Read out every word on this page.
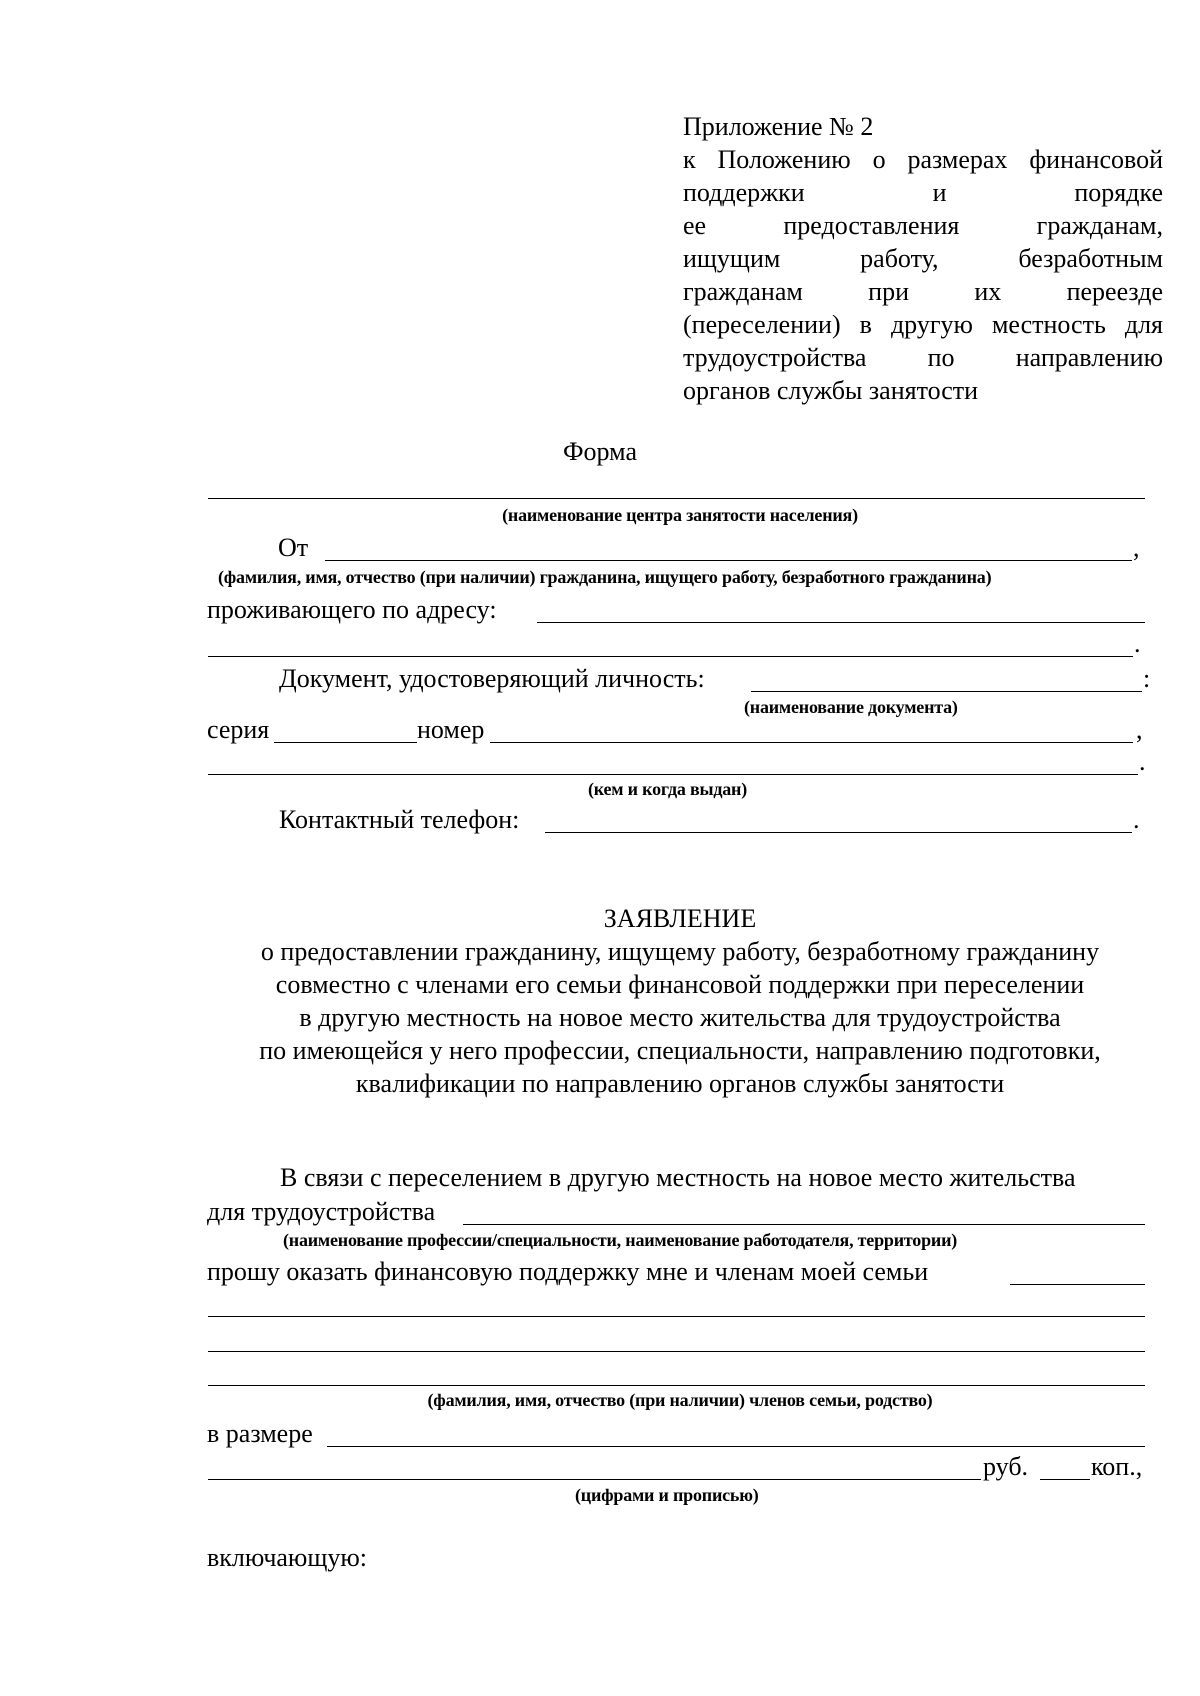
Приложение № 2
к Положению о размерах финансовой
поддержки и порядке
ее предоставления гражданам,
ищущим работу, безработным
гражданам при их переезде
(переселении) в другую местность для
трудоустройства по направлению
органов службы занятости
Форма
(наименование центра занятости населения)
От	,
(фамилия, имя, отчество (при наличии) гражданина, ищущего работу, безработного гражданина)
проживающего по адресу:
.
Документ, удостоверяющий личность:	:
(наименование документа)
серия	номер	,
.
(кем и когда выдан)
Контактный телефон:	.
ЗАЯВЛЕНИЕ
о предоставлении гражданину, ищущему работу, безработному гражданину
совместно с членами его семьи финансовой поддержки при переселении
в другую местность на новое место жительства для трудоустройства
по имеющейся у него профессии, специальности, направлению подготовки,
квалификации по направлению органов службы занятости
В связи с переселением в другую местность на новое место жительства
для трудоустройства
(наименование профессии/специальности, наименование работодателя, территории)
прошу оказать финансовую поддержку мне и членам моей семьи
(фамилия, имя, отчество (при наличии) членов семьи, родство)
в размере
руб. коп.,
(цифрами и прописью)
включающую:
